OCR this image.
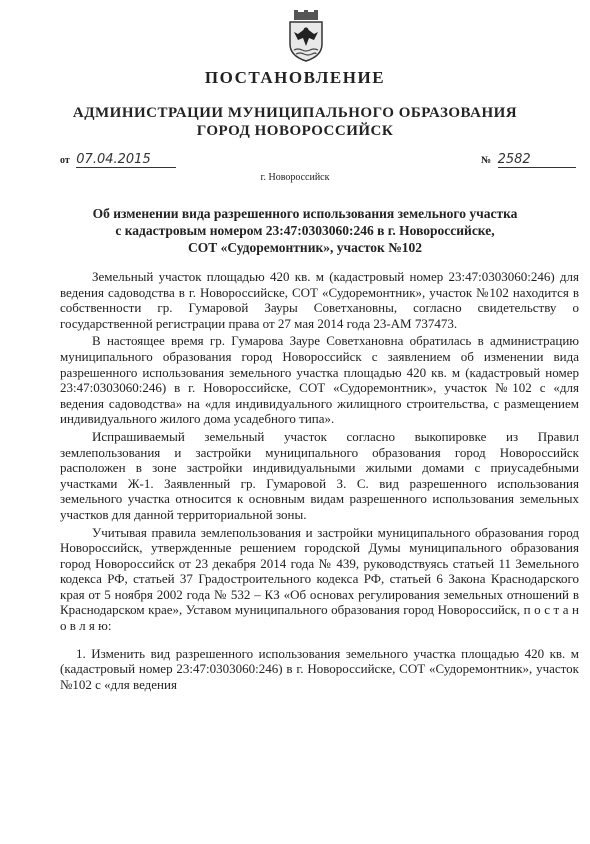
ПОСТАНОВЛЕНИЕ
АДМИНИСТРАЦИИ МУНИЦИПАЛЬНОГО ОБРАЗОВАНИЯ
ГОРОД НОВОРОССИЙСК
от 07.04.2015	№ 2582
г. Новороссийск
Об изменении вида разрешенного использования земельного участка
с кадастровым номером 23:47:0303060:246 в г. Новороссийске,
СОТ «Судоремонтник», участок №102

Земельный участок площадью 420 кв. м (кадастровый номер 23:47:0303060:246) для ведения садоводства в г. Новороссийске, СОТ «Судоремонтник», участок №102 находится в собственности гр. Гумаровой Зауры Советхановны, согласно свидетельству о государственной регистрации права от 27 мая 2014 года 23-АМ 737473.

В настоящее время гр. Гумарова Зауре Советхановна обратилась в администрацию муниципального образования город Новороссийск с заявлением об изменении вида разрешенного использования земельного участка площадью 420 кв. м (кадастровый номер 23:47:0303060:246) в г. Новороссийске, СОТ «Судоремонтник», участок №102 с «для ведения садоводства» на «для индивидуального жилищного строительства, с размещением индивидуального жилого дома усадебного типа».

Испрашиваемый земельный участок согласно выкопировке из Правил землепользования и застройки муниципального образования город Новороссийск расположен в зоне застройки индивидуальными жилыми домами с приусадебными участками Ж-1. Заявленный гр. Гумаровой З. С. вид разрешенного использования земельного участка относится к основным видам разрешенного использования земельных участков для данной территориальной зоны.

Учитывая правила землепользования и застройки муниципального образования город Новороссийск, утвержденные решением городской Думы муниципального образования город Новороссийск от 23 декабря 2014 года № 439, руководствуясь статьей 11 Земельного кодекса РФ, статьей 37 Градостроительного кодекса РФ, статьей 6 Закона Краснодарского края от 5 ноября 2002 года № 532 – КЗ «Об основах регулирования земельных отношений в Краснодарском крае», Уставом муниципального образования город Новороссийск, п о с т а н о в л я ю:

1. Изменить вид разрешенного использования земельного участка площадью 420 кв. м (кадастровый номер 23:47:0303060:246) в г. Новороссийске, СОТ «Судоремонтник», участок №102 с «для ведения
